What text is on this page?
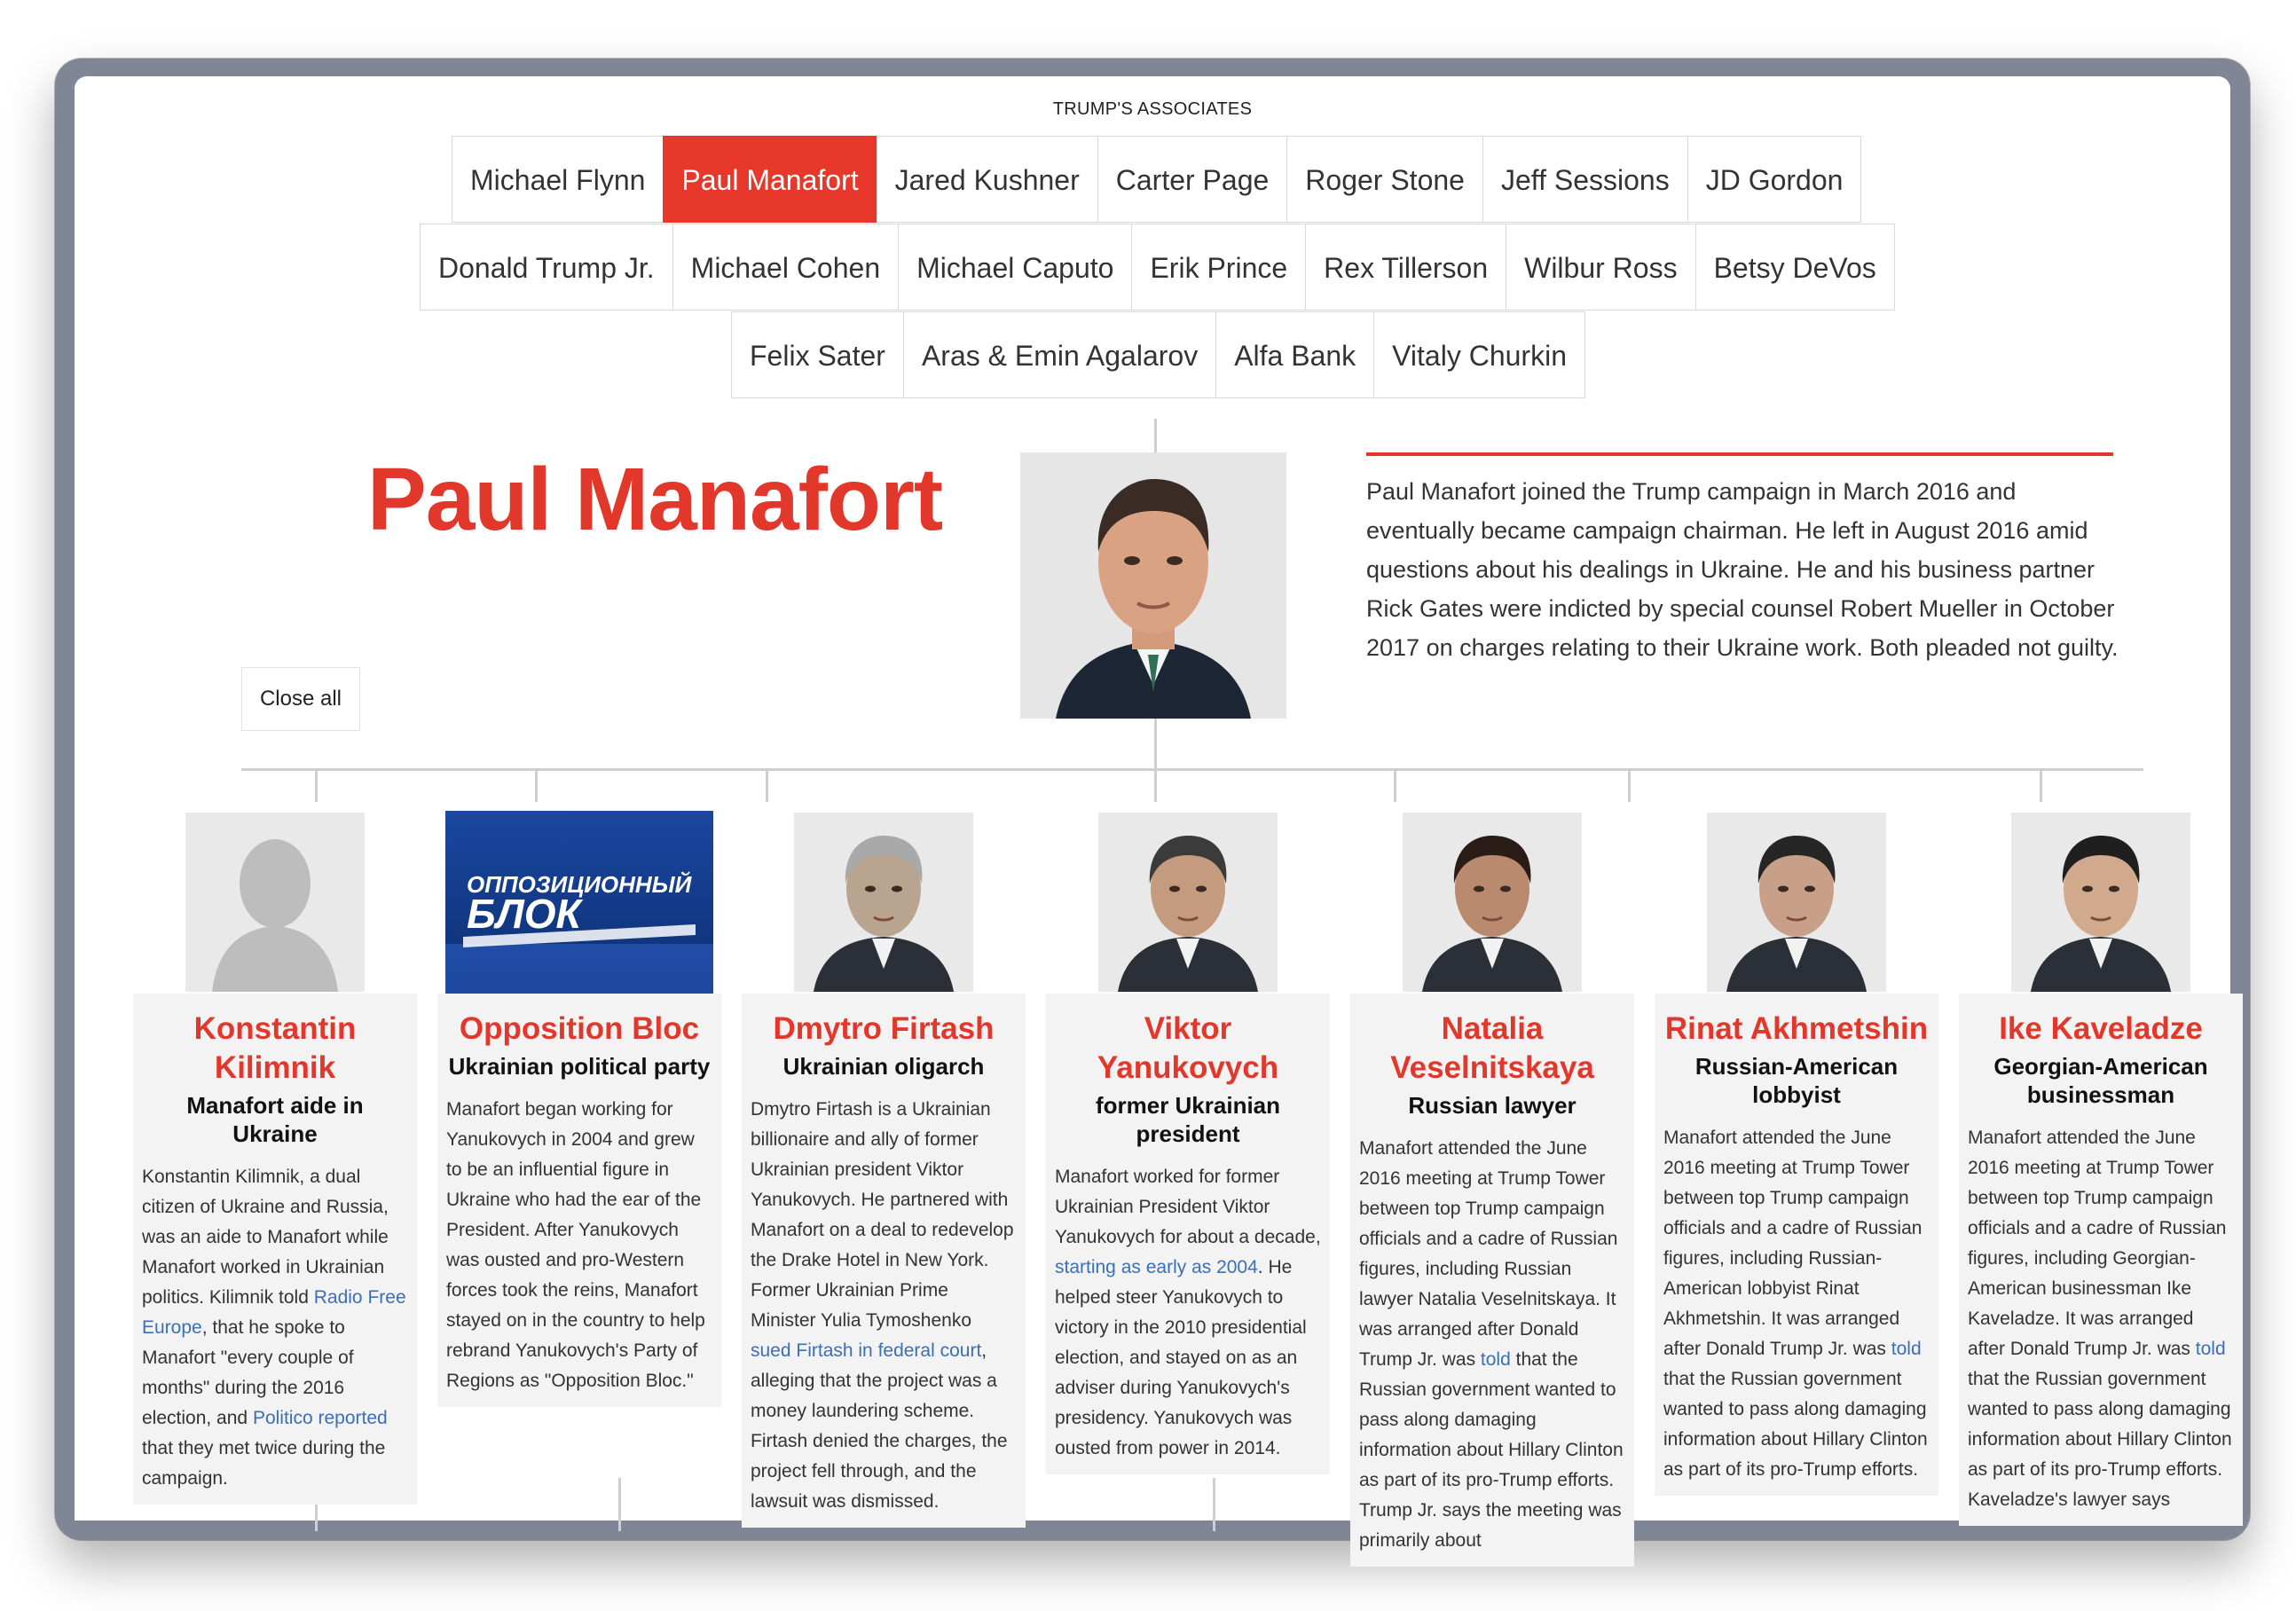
TRUMP'S ASSOCIATES
Michael Flynn	Paul Manafort	Jared Kushner	Carter Page	Roger Stone	Jeff Sessions	JD Gordon
Donald Trump Jr.	Michael Cohen	Michael Caputo	Erik Prince	Rex Tillerson	Wilbur Ross	Betsy DeVos
Felix Sater	Aras & Emin Agalarov	Alfa Bank	Vitaly Churkin
Paul Manafort	Paul Manafort joined the Trump campaign in March 2016 and eventually became campaign chairman. He left in August 2016 amid questions about his dealings in Ukraine. He and his business partner Rick Gates were indicted by special counsel Robert Mueller in October 2017 on charges relating to their Ukraine work. Both pleaded not guilty.
Close all
Konstantin Kilimnik
Manafort aide in Ukraine
Konstantin Kilimnik, a dual citizen of Ukraine and Russia, was an aide to Manafort while Manafort worked in Ukrainian politics. Kilimnik told Radio Free Europe, that he spoke to Manafort "every couple of months" during the 2016 election, and Politico reported that they met twice during the campaign.
ОППОЗИЦИОННЫЙ
БЛОК
Opposition Bloc
Ukrainian political party
Manafort began working for Yanukovych in 2004 and grew to be an influential figure in Ukraine who had the ear of the President. After Yanukovych was ousted and pro-Western forces took the reins, Manafort stayed on in the country to help rebrand Yanukovych's Party of Regions as "Opposition Bloc."
Dmytro Firtash
Ukrainian oligarch
Dmytro Firtash is a Ukrainian billionaire and ally of former Ukrainian president Viktor Yanukovych. He partnered with Manafort on a deal to redevelop the Drake Hotel in New York. Former Ukrainian Prime Minister Yulia Tymoshenko sued Firtash in federal court, alleging that the project was a money laundering scheme. Firtash denied the charges, the project fell through, and the lawsuit was dismissed.
Viktor Yanukovych
former Ukrainian president
Manafort worked for former Ukrainian President Viktor Yanukovych for about a decade, starting as early as 2004. He helped steer Yanukovych to victory in the 2010 presidential election, and stayed on as an adviser during Yanukovych's presidency. Yanukovych was ousted from power in 2014.
Natalia Veselnitskaya
Russian lawyer
Manafort attended the June 2016 meeting at Trump Tower between top Trump campaign officials and a cadre of Russian figures, including Russian lawyer Natalia Veselnitskaya. It was arranged after Donald Trump Jr. was told that the Russian government wanted to pass along damaging information about Hillary Clinton as part of its pro-Trump efforts. Trump Jr. says the meeting was primarily about
Rinat Akhmetshin
Russian-American lobbyist
Manafort attended the June 2016 meeting at Trump Tower between top Trump campaign officials and a cadre of Russian figures, including Russian-American lobbyist Rinat Akhmetshin. It was arranged after Donald Trump Jr. was told that the Russian government wanted to pass along damaging information about Hillary Clinton as part of its pro-Trump efforts.
Ike Kaveladze
Georgian-American businessman
Manafort attended the June 2016 meeting at Trump Tower between top Trump campaign officials and a cadre of Russian figures, including Georgian-American businessman Ike Kaveladze. It was arranged after Donald Trump Jr. was told that the Russian government wanted to pass along damaging information about Hillary Clinton as part of its pro-Trump efforts. Kaveladze's lawyer says
